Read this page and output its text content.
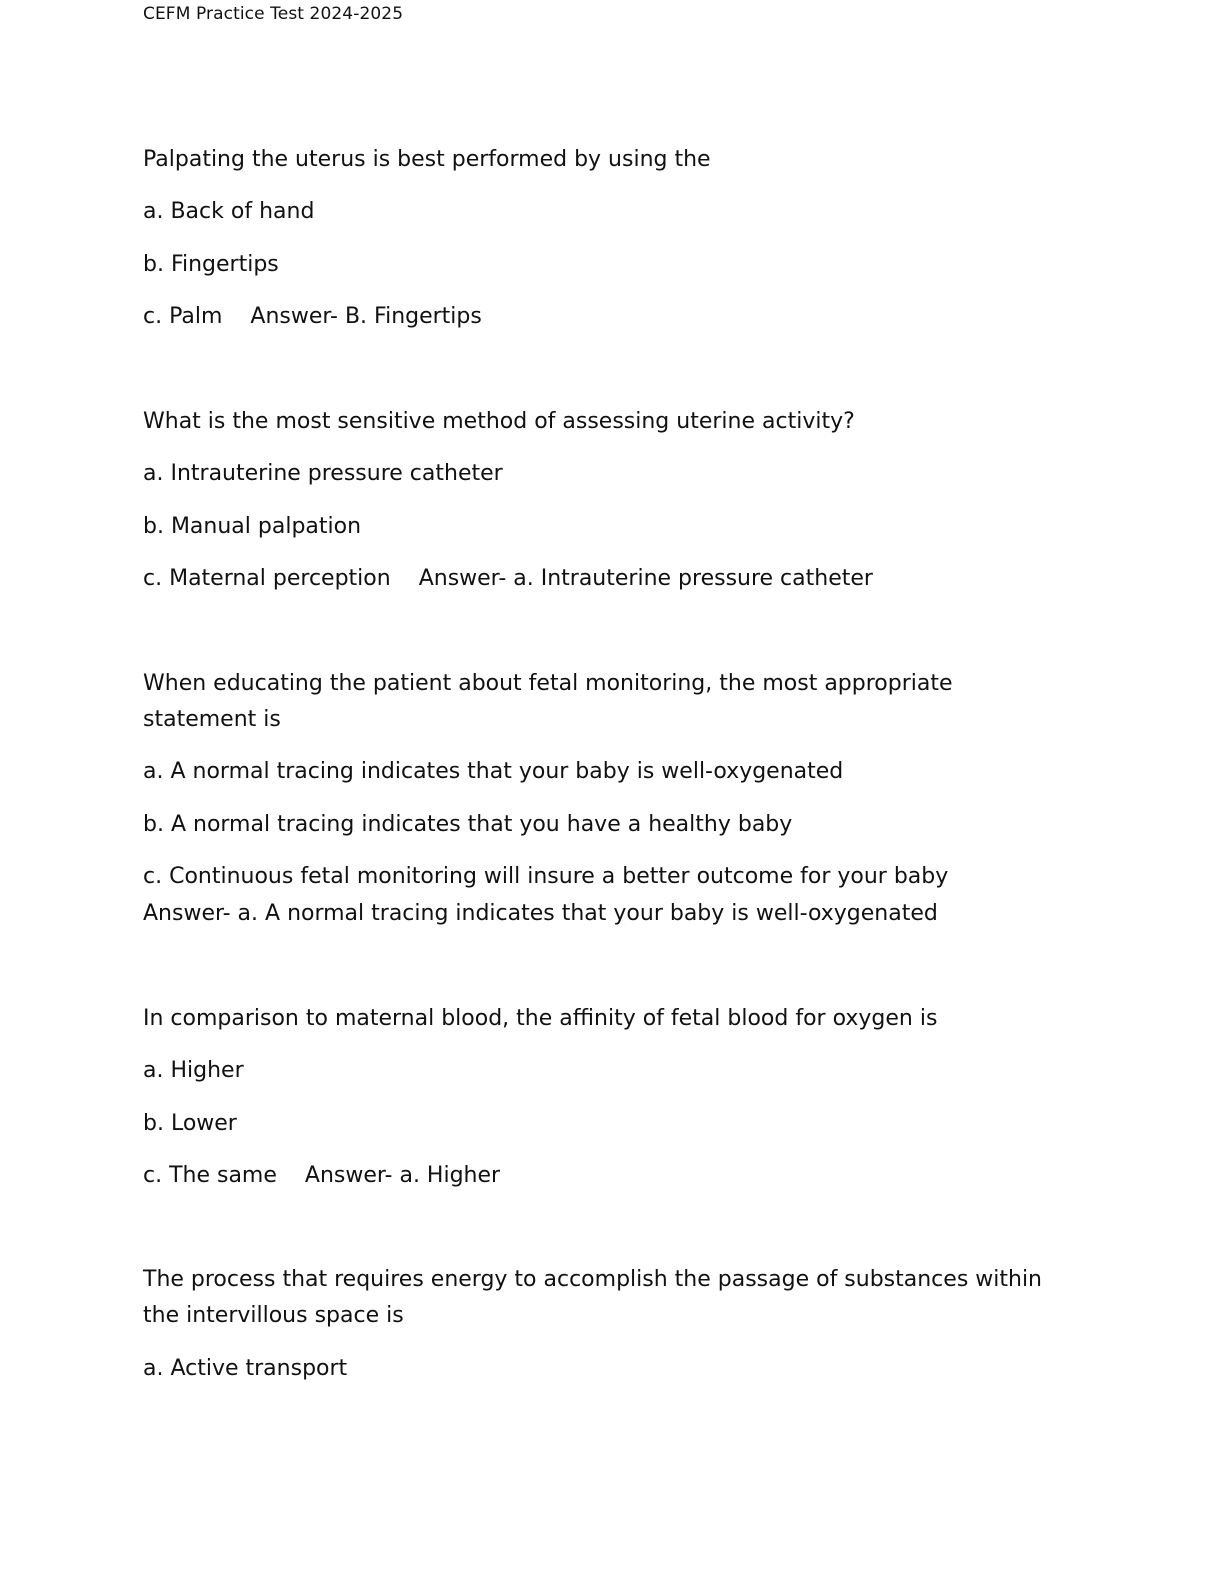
CEFM Practice Test 2024-2025
Palpating the uterus is best performed by using the
a. Back of hand
b. Fingertips
c. Palm Answer- B. Fingertips
What is the most sensitive method of assessing uterine activity?
a. Intrauterine pressure catheter
b. Manual palpation
c. Maternal perception Answer- a. Intrauterine pressure catheter
When educating the patient about fetal monitoring, the most appropriate statement is
a. A normal tracing indicates that your baby is well-oxygenated
b. A normal tracing indicates that you have a healthy baby
c. Continuous fetal monitoring will insure a better outcome for your baby
Answer- a. A normal tracing indicates that your baby is well-oxygenated
In comparison to maternal blood, the affinity of fetal blood for oxygen is
a. Higher
b. Lower
c. The same Answer- a. Higher
The process that requires energy to accomplish the passage of substances within the intervillous space is
a. Active transport
